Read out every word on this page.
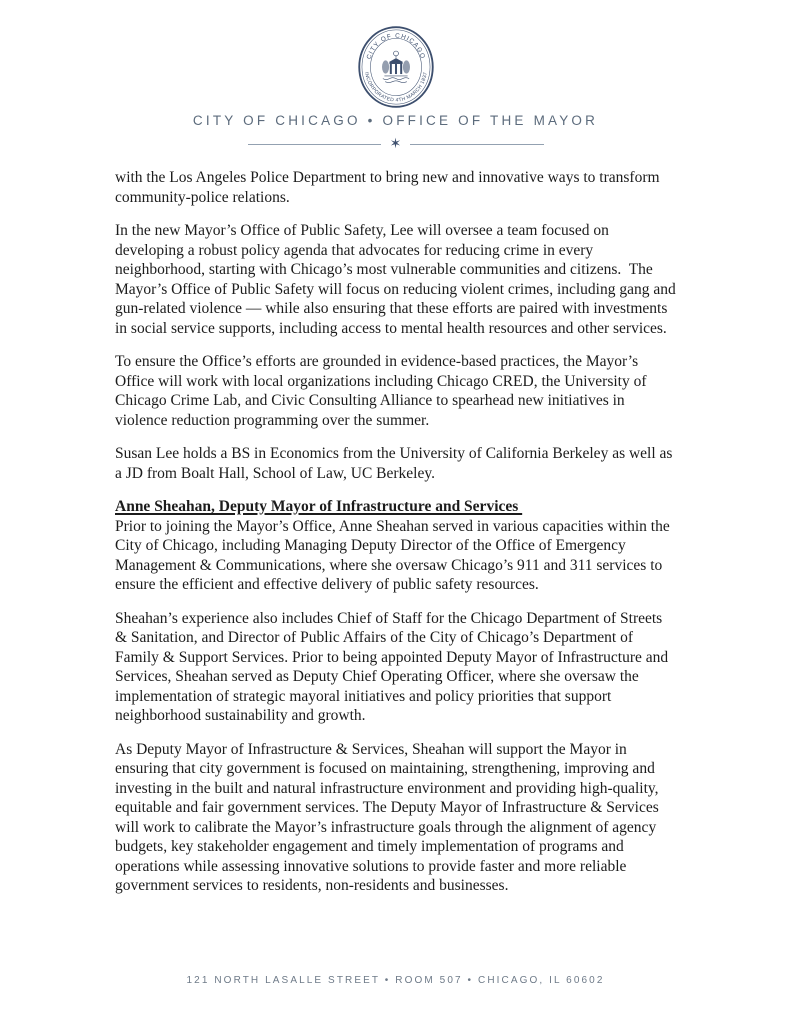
CITY OF CHICAGO
INCORPORATED 4TH MARCH 1837
CITY OF CHICAGO • OFFICE OF THE MAYOR
✶

with the Los Angeles Police Department to bring new and innovative ways to transform community-police relations.

In the new Mayor’s Office of Public Safety, Lee will oversee a team focused on developing a robust policy agenda that advocates for reducing crime in every neighborhood, starting with Chicago’s most vulnerable communities and citizens.  The Mayor’s Office of Public Safety will focus on reducing violent crimes, including gang and gun-related violence — while also ensuring that these efforts are paired with investments in social service supports, including access to mental health resources and other services.

To ensure the Office’s efforts are grounded in evidence-based practices, the Mayor’s Office will work with local organizations including Chicago CRED, the University of Chicago Crime Lab, and Civic Consulting Alliance to spearhead new initiatives in violence reduction programming over the summer.

Susan Lee holds a BS in Economics from the University of California Berkeley as well as a JD from Boalt Hall, School of Law, UC Berkeley.

Anne Sheahan, Deputy Mayor of Infrastructure and Services

Prior to joining the Mayor’s Office, Anne Sheahan served in various capacities within the City of Chicago, including Managing Deputy Director of the Office of Emergency Management & Communications, where she oversaw Chicago’s 911 and 311 services to ensure the efficient and effective delivery of public safety resources.

Sheahan’s experience also includes Chief of Staff for the Chicago Department of Streets & Sanitation, and Director of Public Affairs of the City of Chicago’s Department of Family & Support Services. Prior to being appointed Deputy Mayor of Infrastructure and Services, Sheahan served as Deputy Chief Operating Officer, where she oversaw the implementation of strategic mayoral initiatives and policy priorities that support neighborhood sustainability and growth.

As Deputy Mayor of Infrastructure & Services, Sheahan will support the Mayor in ensuring that city government is focused on maintaining, strengthening, improving and investing in the built and natural infrastructure environment and providing high-quality, equitable and fair government services. The Deputy Mayor of Infrastructure & Services will work to calibrate the Mayor’s infrastructure goals through the alignment of agency budgets, key stakeholder engagement and timely implementation of programs and operations while assessing innovative solutions to provide faster and more reliable government services to residents, non-residents and businesses.

121 NORTH LASALLE STREET • ROOM 507 • CHICAGO, IL 60602
